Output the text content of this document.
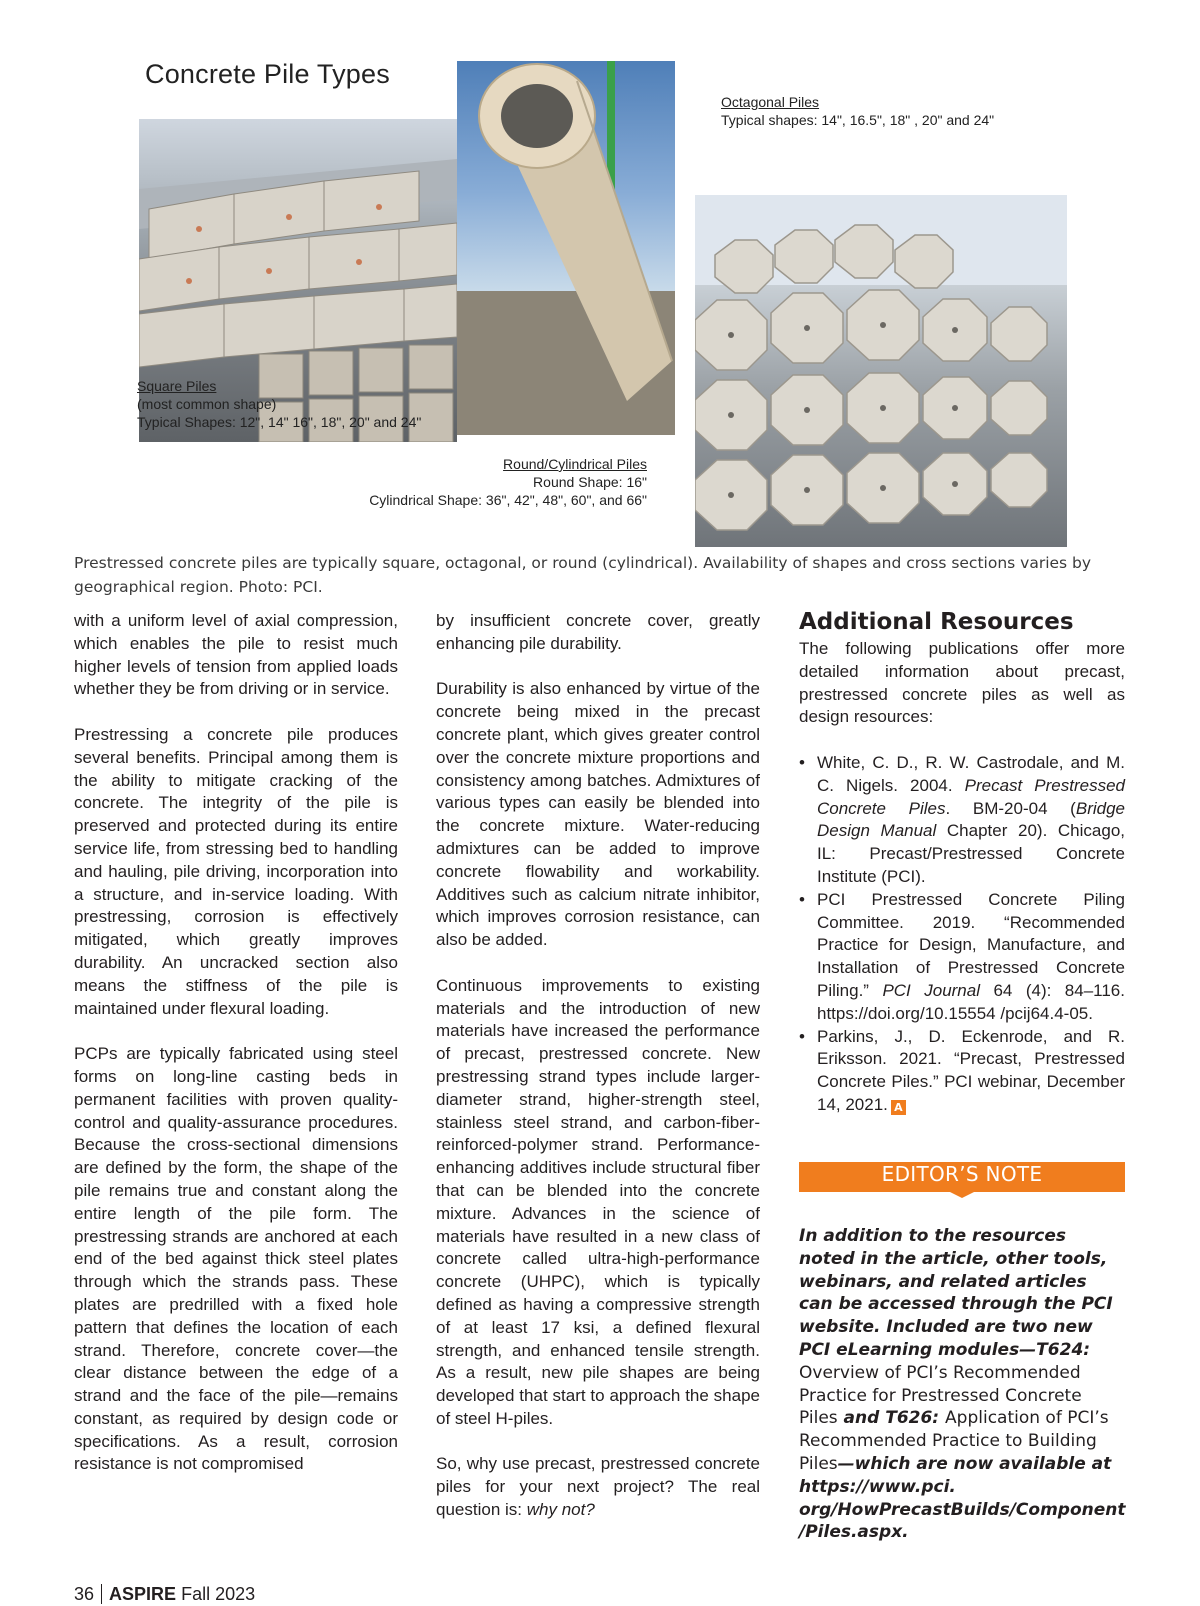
Concrete Pile Types
Octagonal Piles
Typical shapes: 14", 16.5", 18" , 20" and 24"
Square Piles
(most common shape)
Typical Shapes: 12", 14" 16", 18", 20" and 24"
Round/Cylindrical Piles
Round Shape: 16"
Cylindrical Shape: 36", 42", 48", 60", and 66"
Prestressed concrete piles are typically square, octagonal, or round (cylindrical). Availability of shapes and cross sections varies by geographical region. Photo: PCI.

with a uniform level of axial compression, which enables the pile to resist much higher levels of tension from applied loads whether they be from driving or in service.

Prestressing a concrete pile produces several benefits. Principal among them is the ability to mitigate cracking of the concrete. The integrity of the pile is preserved and protected during its entire service life, from stressing bed to handling and hauling, pile driving, incorporation into a structure, and in-service loading. With prestressing, corrosion is effectively mitigated, which greatly improves durability. An uncracked section also means the stiffness of the pile is maintained under flexural loading.

PCPs are typically fabricated using steel forms on long-line casting beds in permanent facilities with proven quality-control and quality-assurance procedures. Because the cross-sectional dimensions are defined by the form, the shape of the pile remains true and constant along the entire length of the pile form. The prestressing strands are anchored at each end of the bed against thick steel plates through which the strands pass. These plates are predrilled with a fixed hole pattern that defines the location of each strand. Therefore, concrete cover—the clear distance between the edge of a strand and the face of the pile—remains constant, as required by design code or specifications. As a result, corrosion resistance is not compromised

by insufficient concrete cover, greatly enhancing pile durability.

Durability is also enhanced by virtue of the concrete being mixed in the precast concrete plant, which gives greater control over the concrete mixture proportions and consistency among batches. Admixtures of various types can easily be blended into the concrete mixture. Water-reducing admixtures can be added to improve concrete flowability and workability. Additives such as calcium nitrate inhibitor, which improves corrosion resistance, can also be added.

Continuous improvements to existing materials and the introduction of new materials have increased the performance of precast, prestressed concrete. New prestressing strand types include larger-diameter strand, higher-strength steel, stainless steel strand, and carbon-fiber-reinforced-polymer strand. Performance-enhancing additives include structural fiber that can be blended into the concrete mixture. Advances in the science of materials have resulted in a new class of concrete called ultra-high-performance concrete (UHPC), which is typically defined as having a compressive strength of at least 17 ksi, a defined flexural strength, and enhanced tensile strength. As a result, new pile shapes are being developed that start to approach the shape of steel H-piles.

So, why use precast, prestressed concrete piles for your next project? The real question is: why not?

Additional Resources

The following publications offer more detailed information about precast, prestressed concrete piles as well as design resources:

• White, C. D., R. W. Castrodale, and M. C. Nigels. 2004. Precast Prestressed Concrete Piles. BM-20-04 (Bridge Design Manual Chapter 20). Chicago, IL: Precast/Prestressed Concrete Institute (PCI).
• PCI Prestressed Concrete Piling Committee. 2019. “Recommended Practice for Design, Manufacture, and Installation of Prestressed Concrete Piling.” PCI Journal 64 (4): 84–116. https://doi.org/10.15554 /pcij64.4-05.
• Parkins, J., D. Eckenrode, and R. Eriksson. 2021. “Precast, Prestressed Concrete Piles.” PCI webinar, December 14, 2021. A
EDITOR’S NOTE
In addition to the resources noted in the article, other tools, webinars, and related articles can be accessed through the PCI website. Included are two new PCI eLearning modules—T624: Overview of PCI’s Recommended Practice for Prestressed Concrete Piles and T626: Application of PCI’s Recommended Practice to Building Piles—which are now available at https://www.pci. org/HowPrecastBuilds/Component /Piles.aspx.
36 ASPIRE Fall 2023
